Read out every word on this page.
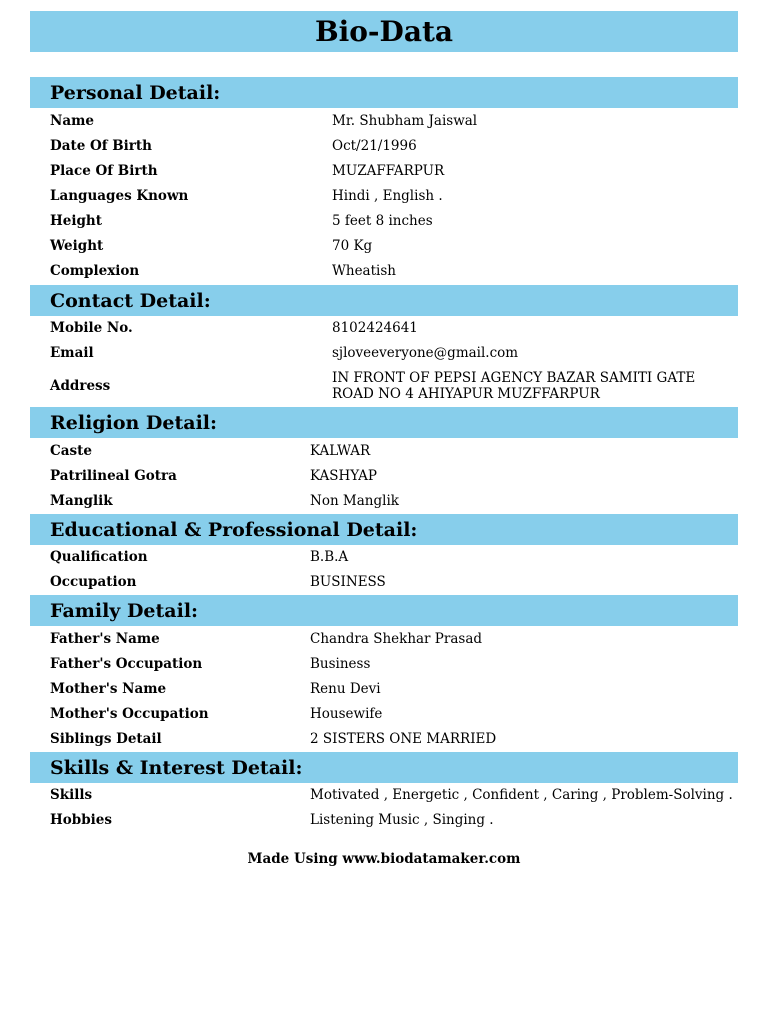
Bio-Data
Personal Detail:
Name	Mr. Shubham Jaiswal
Date Of Birth	Oct/21/1996
Place Of Birth	MUZAFFARPUR
Languages Known	Hindi , English .
Height	5 feet 8 inches
Weight	70 Kg
Complexion	Wheatish
Contact Detail:
Mobile No.	8102424641
Email	sjloveeveryone@gmail.com
Address	IN FRONT OF PEPSI AGENCY BAZAR SAMITI GATE ROAD NO 4 AHIYAPUR MUZFFARPUR
Religion Detail:
Caste	KALWAR
Patrilineal Gotra	KASHYAP
Manglik	Non Manglik
Educational & Professional Detail:
Qualification	B.B.A
Occupation	BUSINESS
Family Detail:
Father's Name	Chandra Shekhar Prasad
Father's Occupation	Business
Mother's Name	Renu Devi
Mother's Occupation	Housewife
Siblings Detail	2 SISTERS ONE MARRIED
Skills & Interest Detail:
Skills	Motivated , Energetic , Confident , Caring , Problem-Solving .
Hobbies	Listening Music , Singing .
Made Using www.biodatamaker.com
